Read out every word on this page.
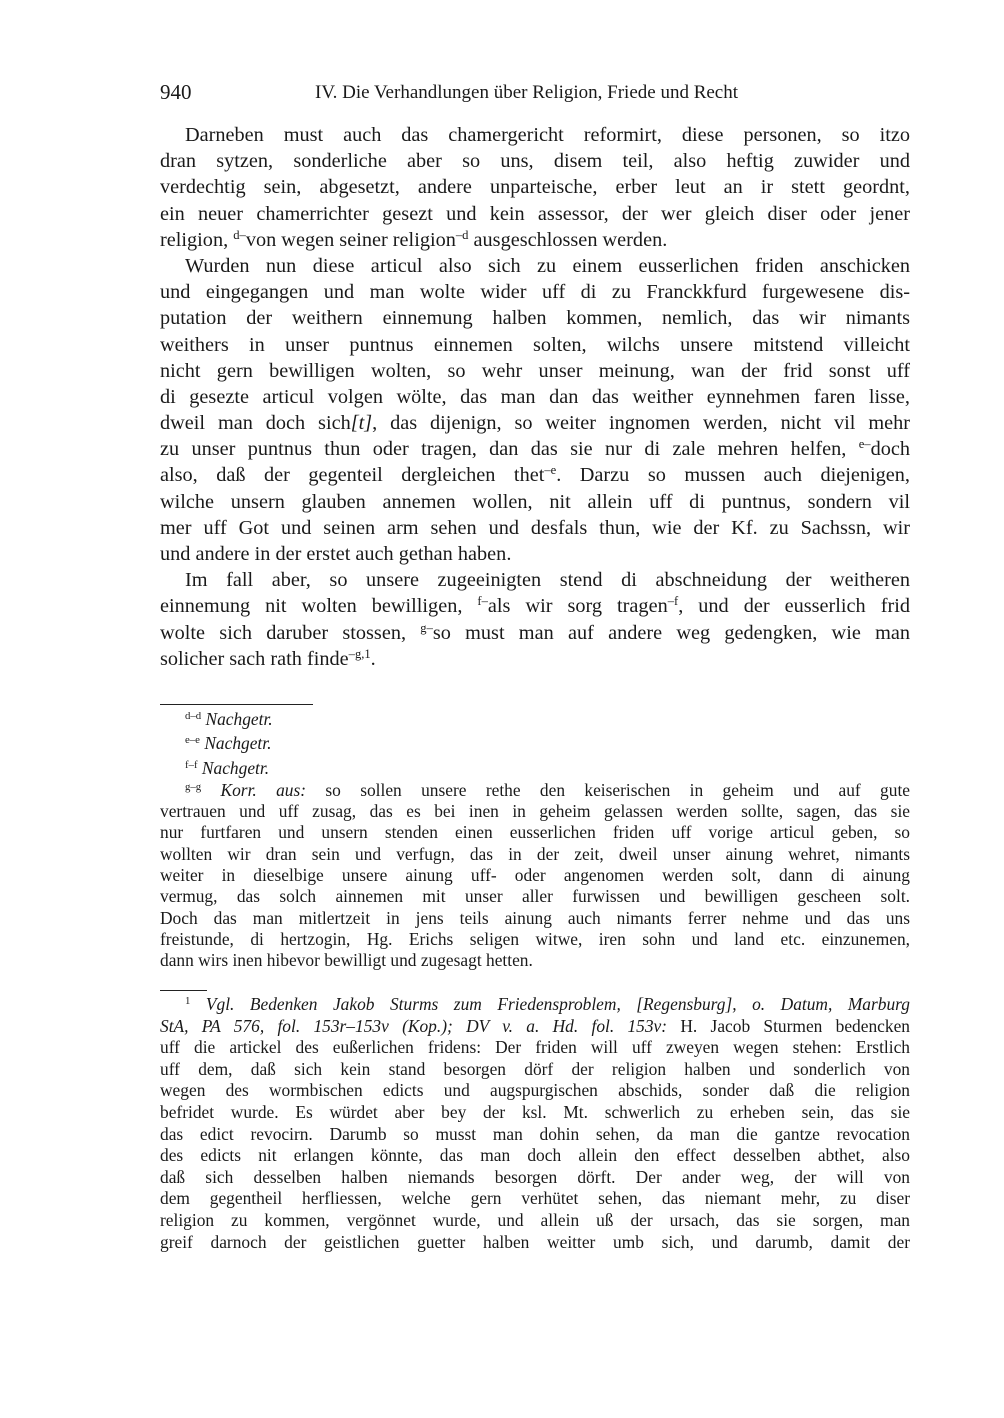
940	IV. Die Verhandlungen über Religion, Friede und Recht
Darneben must auch das chamergericht reformirt, diese personen, so itzo
dran sytzen, sonderliche aber so uns, disem teil, also heftig zuwider und
verdechtig sein, abgesetzt, andere unparteische, erber leut an ir stett geordnt,
ein neuer chamerrichter gesezt und kein assessor, der wer gleich diser oder jener
religion, $^{d-}$von wegen seiner religion$^{-d}$ ausgeschlossen werden.
Wurden nun diese articul also sich zu einem eusserlichen friden anschicken
und eingegangen und man wolte wider uff di zu Franckkfurd furgewesene dis-
putation der weithern einnemung halben kommen, nemlich, das wir nimants
weithers in unser puntnus einnemen solten, wilchs unsere mitstend villeicht
nicht gern bewilligen wolten, so wehr unser meinung, wan der frid sonst uff
di gesezte articul volgen wölte, das man dan das weither eynnehmen faren lisse,
dweil man doch sich[t], das dijenign, so weiter ingnomen werden, nicht vil mehr
zu unser puntnus thun oder tragen, dan das sie nur di zale mehren helfen, $^{e-}$doch
also, daß der gegenteil dergleichen thet$^{-e}$. Darzu so mussen auch diejenigen,
wilche unsern glauben annemen wollen, nit allein uff di puntnus, sondern vil
mer uff Got und seinen arm sehen und desfals thun, wie der Kf. zu Sachssn, wir
und andere in der erstet auch gethan haben.
Im fall aber, so unsere zugeeinigten stend di abschneidung der weitheren
einnemung nit wolten bewilligen, $^{f-}$als wir sorg tragen$^{-f}$, und der eusserlich frid
wolte sich daruber stossen, $^{g-}$so must man auf andere weg gedengken, wie man
solicher sach rath finde$^{-g,1}$.
$^{d-d}$ Nachgetr.
$^{e-e}$ Nachgetr.
$^{f-f}$ Nachgetr.
$^{g-g}$ Korr. aus: so sollen unsere rethe den keiserischen in geheim und auf gute
vertrauen und uff zusag, das es bei inen in geheim gelassen werden sollte, sagen, das sie
nur furtfaren und unsern stenden einen eusserlichen friden uff vorige articul geben, so
wollten wir dran sein und verfugn, das in der zeit, dweil unser ainung wehret, nimants
weiter in dieselbige unsere ainung uff- oder angenomen werden solt, dann di ainung
vermug, das solch ainnemen mit unser aller furwissen und bewilligen gescheen solt.
Doch das man mitlertzeit in jens teils ainung auch nimants ferrer nehme und das uns
freistunde, di hertzogin, Hg. Erichs seligen witwe, iren sohn und land etc. einzunemen,
dann wirs inen hibevor bewilligt und zugesagt hetten.
$^1$ Vgl. Bedenken Jakob Sturms zum Friedensproblem, [Regensburg], o. Datum, Marburg
StA, PA 576, fol. 153r–153v (Kop.); DV v. a. Hd. fol. 153v: H. Jacob Sturmen bedencken
uff die artickel des eußerlichen fridens: Der friden will uff zweyen wegen stehen: Erstlich
uff dem, daß sich kein stand besorgen dörf der religion halben und sonderlich von
wegen des wormbischen edicts und augspurgischen abschids, sonder daß die religion
befridet wurde. Es würdet aber bey der ksl. Mt. schwerlich zu erheben sein, das sie
das edict revocirn. Darumb so musst man dohin sehen, da man die gantze revocation
des edicts nit erlangen könnte, das man doch allein den effect desselben abthet, also
daß sich desselben halben niemands besorgen dörft. Der ander weg, der will von
dem gegentheil herfliessen, welche gern verhütet sehen, das niemant mehr, zu diser
religion zu kommen, vergönnet wurde, und allein uß der ursach, das sie sorgen, man
greif darnoch der geistlichen guetter halben weitter umb sich, und darumb, damit der
